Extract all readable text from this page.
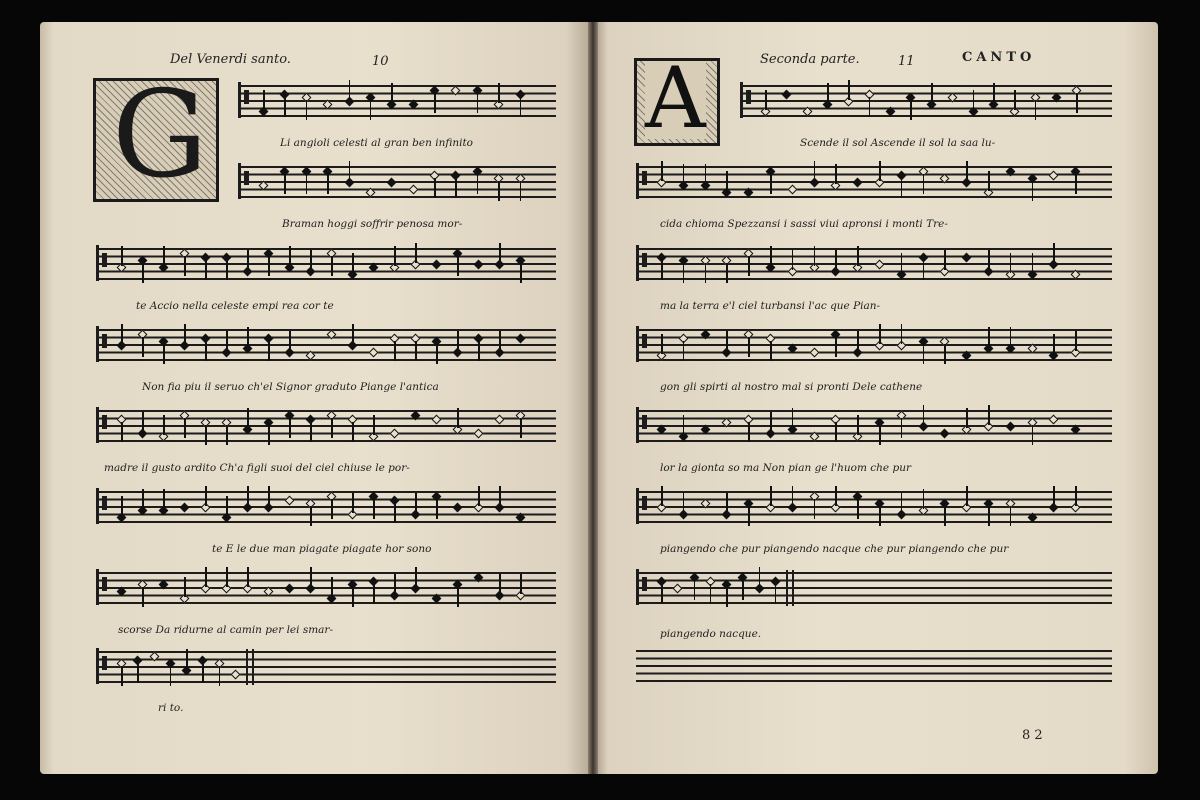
Del Venerdi santo.	10
G	Li angioli celesti al gran ben infinito
Braman hoggi soffrir penosa mor-
te Accio nella celeste empi rea cor te
Non fia piu il seruo ch'el Signor graduto Piange l'antica
madre il gusto ardito Ch'a figli suoi del ciel chiuse le por-
te E le due man piagate piagate hor sono
scorse Da ridurne al camin per lei smar-
ri to.
A	Seconda parte.	11	CANTO
Scende il sol Ascende il sol la saa lu-
cida chioma Spezzansi i sassi viui apronsi i monti Tre-
ma la terra e'l ciel turbansi l'ac que Pian-
gon gli spirti al nostro mal si pronti Dele cathene
lor la gionta so ma Non pian ge l'huom che pur
piangendo che pur piangendo nacque che pur piangendo che pur
piangendo nacque.
8 2
